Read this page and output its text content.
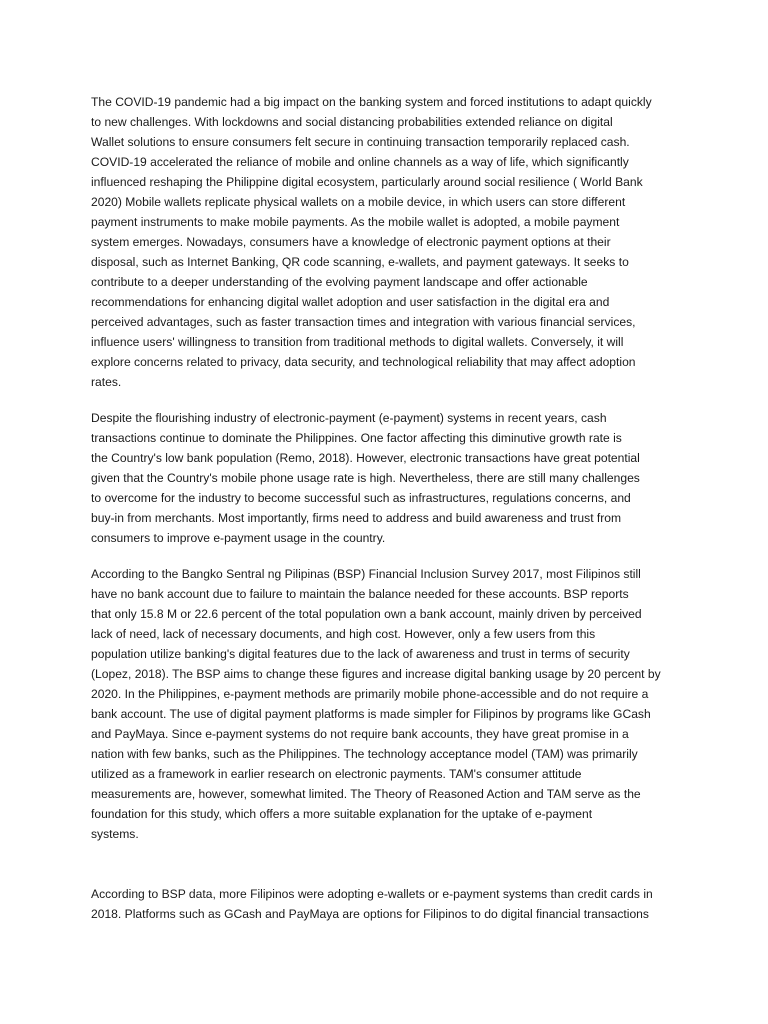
The COVID-19 pandemic had a big impact on the banking system and forced institutions to adapt quickly
to new challenges. With lockdowns and social distancing probabilities extended reliance on digital
Wallet solutions to ensure consumers felt secure in continuing transaction temporarily replaced cash.
COVID-19 accelerated the reliance of mobile and online channels as a way of life, which significantly
influenced reshaping the Philippine digital ecosystem, particularly around social resilience ( World Bank
2020) Mobile wallets replicate physical wallets on a mobile device, in which users can store different
payment instruments to make mobile payments. As the mobile wallet is adopted, a mobile payment
system emerges. Nowadays, consumers have a knowledge of electronic payment options at their
disposal, such as Internet Banking, QR code scanning, e-wallets, and payment gateways. It seeks to
contribute to a deeper understanding of the evolving payment landscape and offer actionable
recommendations for enhancing digital wallet adoption and user satisfaction in the digital era and
perceived advantages, such as faster transaction times and integration with various financial services,
influence users' willingness to transition from traditional methods to digital wallets. Conversely, it will
explore concerns related to privacy, data security, and technological reliability that may affect adoption
rates.

Despite the flourishing industry of electronic-payment (e-payment) systems in recent years, cash
transactions continue to dominate the Philippines. One factor affecting this diminutive growth rate is
the Country's low bank population (Remo, 2018). However, electronic transactions have great potential
given that the Country's mobile phone usage rate is high. Nevertheless, there are still many challenges
to overcome for the industry to become successful such as infrastructures, regulations concerns, and
buy-in from merchants. Most importantly, firms need to address and build awareness and trust from
consumers to improve e-payment usage in the country.

According to the Bangko Sentral ng Pilipinas (BSP) Financial Inclusion Survey 2017, most Filipinos still
have no bank account due to failure to maintain the balance needed for these accounts. BSP reports
that only 15.8 M or 22.6 percent of the total population own a bank account, mainly driven by perceived
lack of need, lack of necessary documents, and high cost. However, only a few users from this
population utilize banking's digital features due to the lack of awareness and trust in terms of security
(Lopez, 2018). The BSP aims to change these figures and increase digital banking usage by 20 percent by
2020. In the Philippines, e-payment methods are primarily mobile phone-accessible and do not require a
bank account. The use of digital payment platforms is made simpler for Filipinos by programs like GCash
and PayMaya. Since e-payment systems do not require bank accounts, they have great promise in a
nation with few banks, such as the Philippines. The technology acceptance model (TAM) was primarily
utilized as a framework in earlier research on electronic payments. TAM's consumer attitude
measurements are, however, somewhat limited. The Theory of Reasoned Action and TAM serve as the
foundation for this study, which offers a more suitable explanation for the uptake of e-payment
systems.

According to BSP data, more Filipinos were adopting e-wallets or e-payment systems than credit cards in
2018. Platforms such as GCash and PayMaya are options for Filipinos to do digital financial transactions
